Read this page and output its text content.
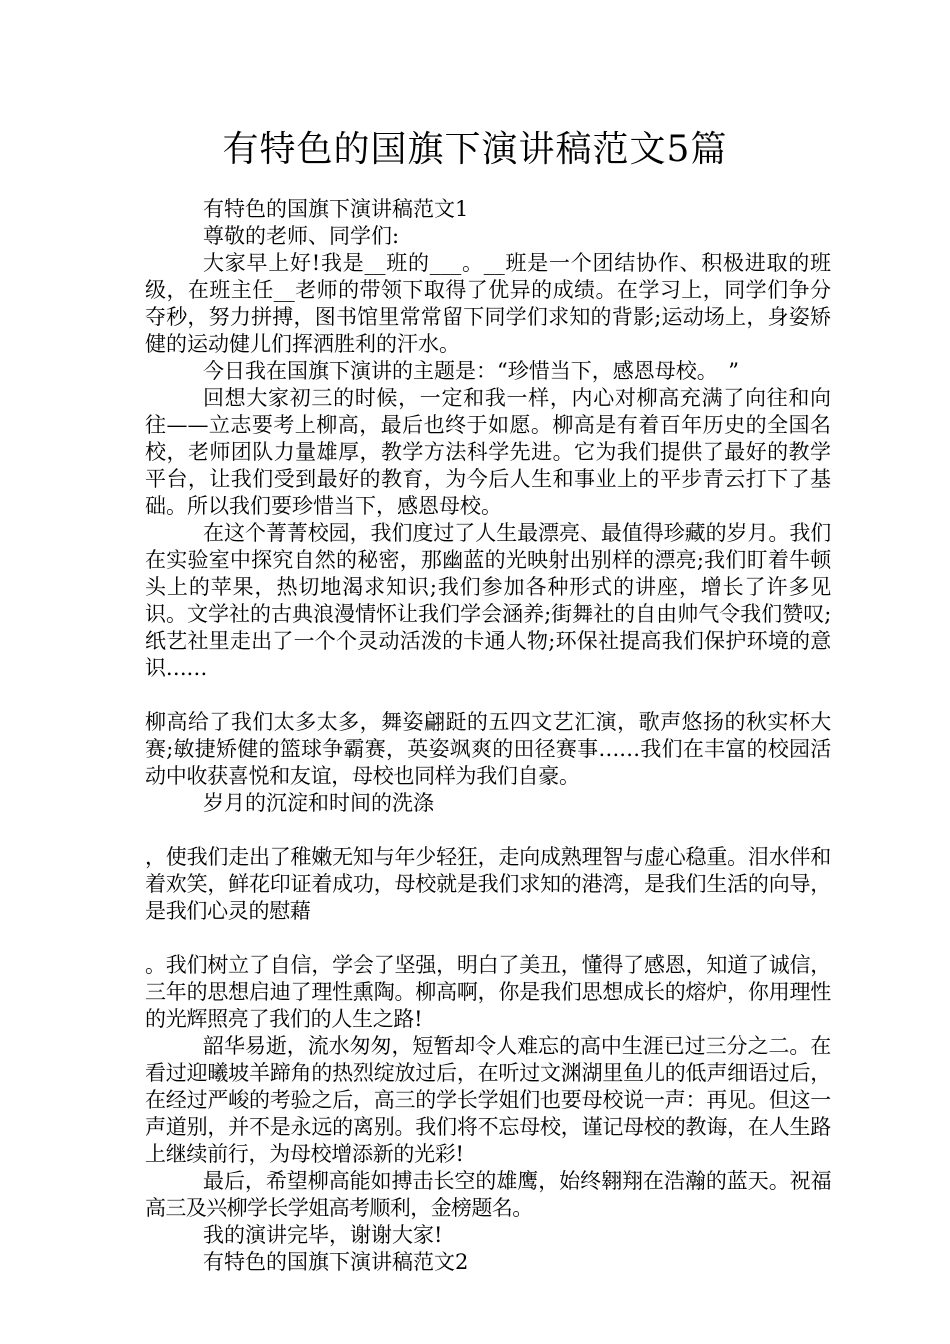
有特色的国旗下演讲稿范文5篇

有特色的国旗下演讲稿范文1

尊敬的老师、同学们:

大家早上好!我是__班的___。__班是一个团结协作、积极进取的班级，在班主任__老师的带领下取得了优异的成绩。在学习上，同学们争分夺秒，努力拼搏，图书馆里常常留下同学们求知的背影;运动场上，身姿矫健的运动健儿们挥洒胜利的汗水。

今日我在国旗下演讲的主题是：“珍惜当下，感恩母校。　”

回想大家初三的时候，一定和我一样，内心对柳高充满了向往和向往——立志要考上柳高，最后也终于如愿。柳高是有着百年历史的全国名校，老师团队力量雄厚，教学方法科学先进。它为我们提供了最好的教学平台，让我们受到最好的教育，为今后人生和事业上的平步青云打下了基础。所以我们要珍惜当下，感恩母校。

在这个菁菁校园，我们度过了人生最漂亮、最值得珍藏的岁月。我们在实验室中探究自然的秘密，那幽蓝的光映射出别样的漂亮;我们盯着牛顿头上的苹果，热切地渴求知识;我们参加各种形式的讲座，增长了许多见识。文学社的古典浪漫情怀让我们学会涵养;街舞社的自由帅气令我们赞叹;纸艺社里走出了一个个灵动活泼的卡通人物;环保社提高我们保护环境的意识……

柳高给了我们太多太多，舞姿翩跹的五四文艺汇演，歌声悠扬的秋实杯大赛;敏捷矫健的篮球争霸赛，英姿飒爽的田径赛事……我们在丰富的校园活动中收获喜悦和友谊，母校也同样为我们自豪。

岁月的沉淀和时间的洗涤

，使我们走出了稚嫩无知与年少轻狂，走向成熟理智与虚心稳重。泪水伴和着欢笑，鲜花印证着成功，母校就是我们求知的港湾，是我们生活的向导，是我们心灵的慰藉

。我们树立了自信，学会了坚强，明白了美丑，懂得了感恩，知道了诚信，三年的思想启迪了理性熏陶。柳高啊，你是我们思想成长的熔炉，你用理性的光辉照亮了我们的人生之路!

韶华易逝，流水匆匆，短暂却令人难忘的高中生涯已过三分之二。在看过迎曦坡羊蹄角的热烈绽放过后，在听过文渊湖里鱼儿的低声细语过后，在经过严峻的考验之后，高三的学长学姐们也要母校说一声：再见。但这一声道别，并不是永远的离别。我们将不忘母校，谨记母校的教诲，在人生路上继续前行，为母校增添新的光彩!

最后，希望柳高能如搏击长空的雄鹰，始终翱翔在浩瀚的蓝天。祝福高三及兴柳学长学姐高考顺利，金榜题名。

我的演讲完毕，谢谢大家!

有特色的国旗下演讲稿范文2
